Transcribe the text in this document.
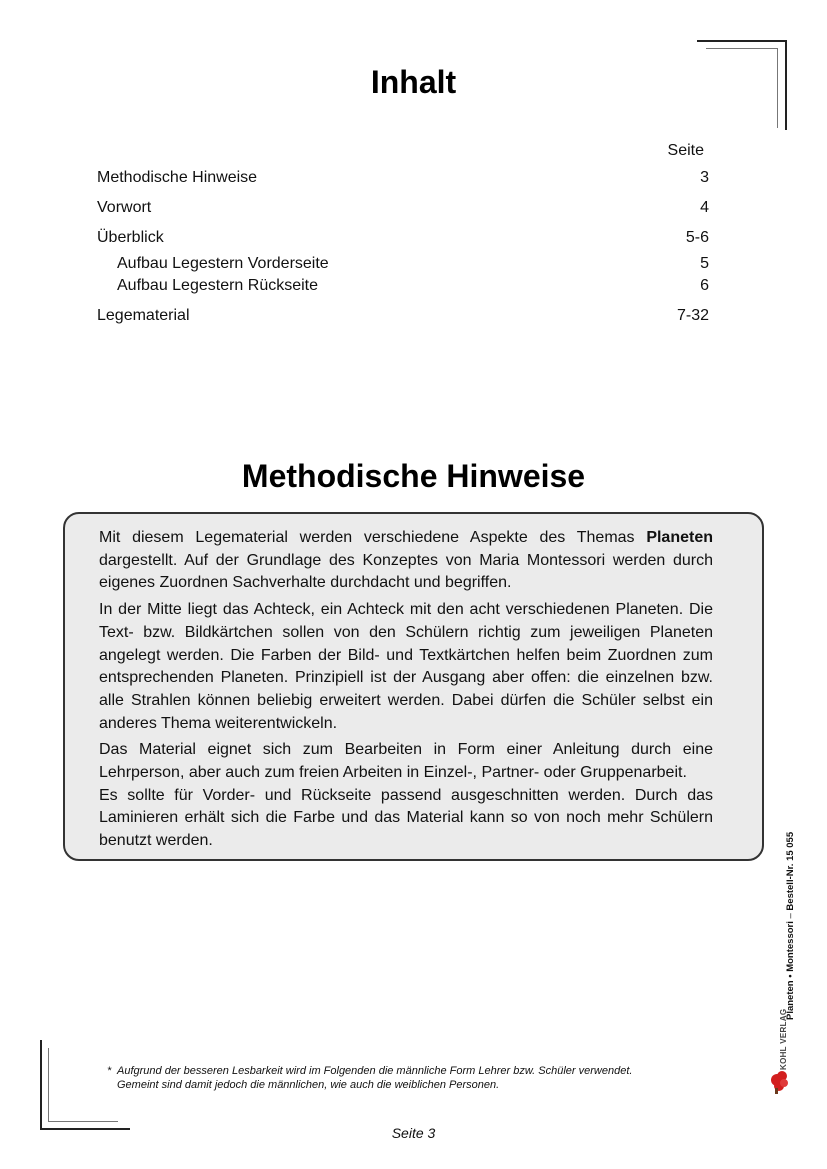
Inhalt
Seite
Methodische Hinweise	3
Vorwort	4
Überblick	5-6
Aufbau Legestern Vorderseite	5
Aufbau Legestern Rückseite	6
Legematerial	7-32
Methodische Hinweise

Mit diesem Legematerial werden verschiedene Aspekte des Themas Planeten dargestellt. Auf der Grundlage des Konzeptes von Maria Montessori werden durch eigenes Zuordnen Sachverhalte durchdacht und begriffen.

In der Mitte liegt das Achteck, ein Achteck mit den acht verschiedenen Planeten. Die Text- bzw. Bildkärtchen sollen von den Schülern richtig zum jeweiligen Planeten angelegt werden. Die Farben der Bild- und Textkärtchen helfen beim Zuordnen zum entsprechenden Planeten. Prinzipiell ist der Ausgang aber offen: die einzelnen bzw. alle Strahlen können beliebig erweitert werden. Dabei dürfen die Schüler selbst ein anderes Thema weiterentwickeln.

Das Material eignet sich zum Bearbeiten in Form einer Anleitung durch eine Lehrperson, aber auch zum freien Arbeiten in Einzel-, Partner- oder Gruppenarbeit.

Es sollte für Vorder- und Rückseite passend ausgeschnitten werden. Durch das Laminieren erhält sich die Farbe und das Material kann so von noch mehr Schülern benutzt werden.

* Aufgrund der besseren Lesbarkeit wird im Folgenden die männliche Form Lehrer bzw. Schüler verwendet.
Gemeint sind damit jedoch die männlichen, wie auch die weiblichen Personen.
Seite 3
Planeten • Montessori – Bestell-Nr. 15 055
KOHL VERLAG
